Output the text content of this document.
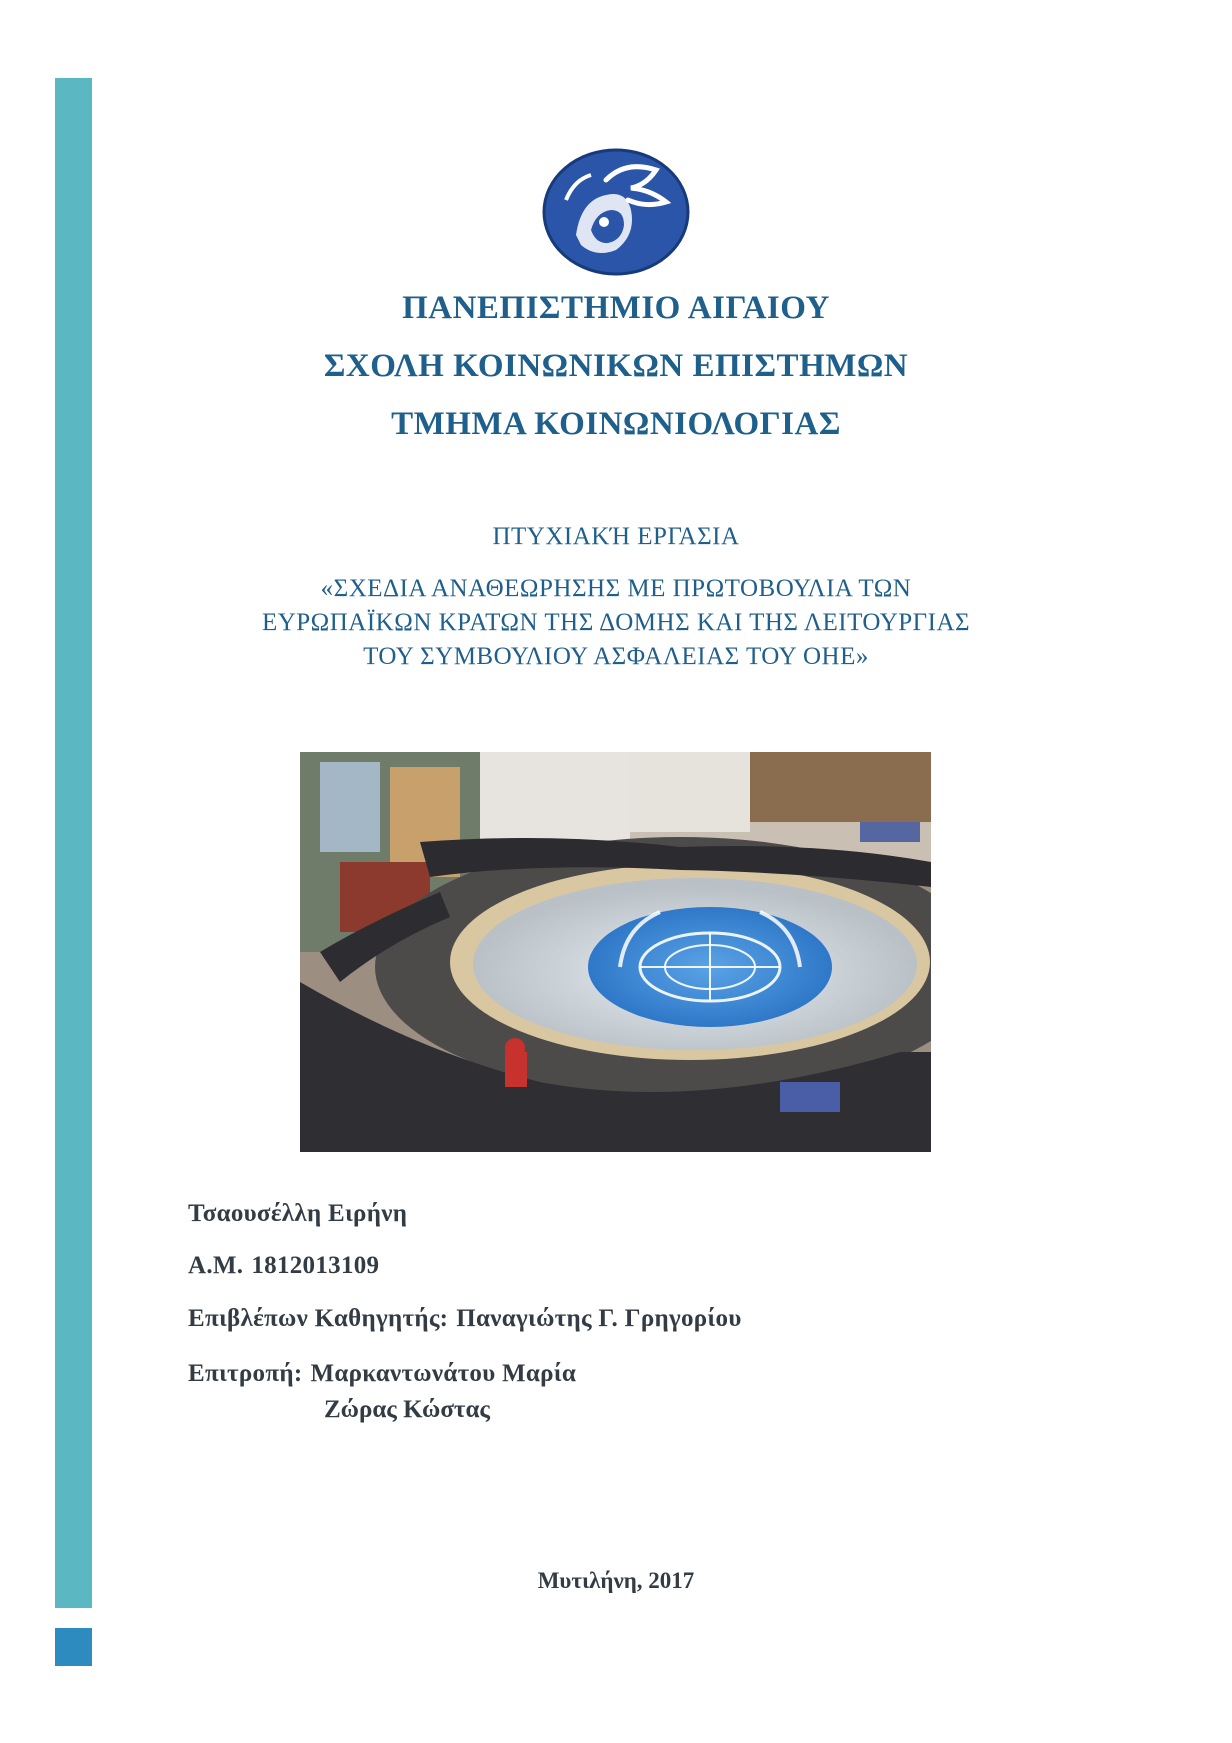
ΠΑΝΕΠΙΣΤΗΜΙΟ ΑΙΓΑΙΟΥ
ΣΧΟΛΗ ΚΟΙΝΩΝΙΚΩΝ ΕΠΙΣΤΗΜΩΝ
ΤΜΗΜΑ ΚΟΙΝΩΝΙΟΛΟΓΙΑΣ
ΠΤΥΧΙΑΚΉ ΕΡΓΑΣΙΑ
«ΣΧΕΔΙΑ ΑΝΑΘΕΩΡΗΣΗΣ ΜΕ ΠΡΩΤΟΒΟΥΛΙΑ ΤΩΝ
ΕΥΡΩΠΑΪΚΩΝ ΚΡΑΤΩΝ ΤΗΣ ΔΟΜΗΣ ΚΑΙ ΤΗΣ ΛΕΙΤΟΥΡΓΙΑΣ
ΤΟΥ ΣΥΜΒΟΥΛΙΟΥ ΑΣΦΑΛΕΙΑΣ ΤΟΥ ΟΗΕ»
Τσαουσέλλη Ειρήνη
Α.Μ. 1812013109
Επιβλέπων Καθηγητής: Παναγιώτης Γ. Γρηγορίου
Επιτροπή: Μαρκαντωνάτου Μαρία
Ζώρας Κώστας
Μυτιλήνη, 2017
